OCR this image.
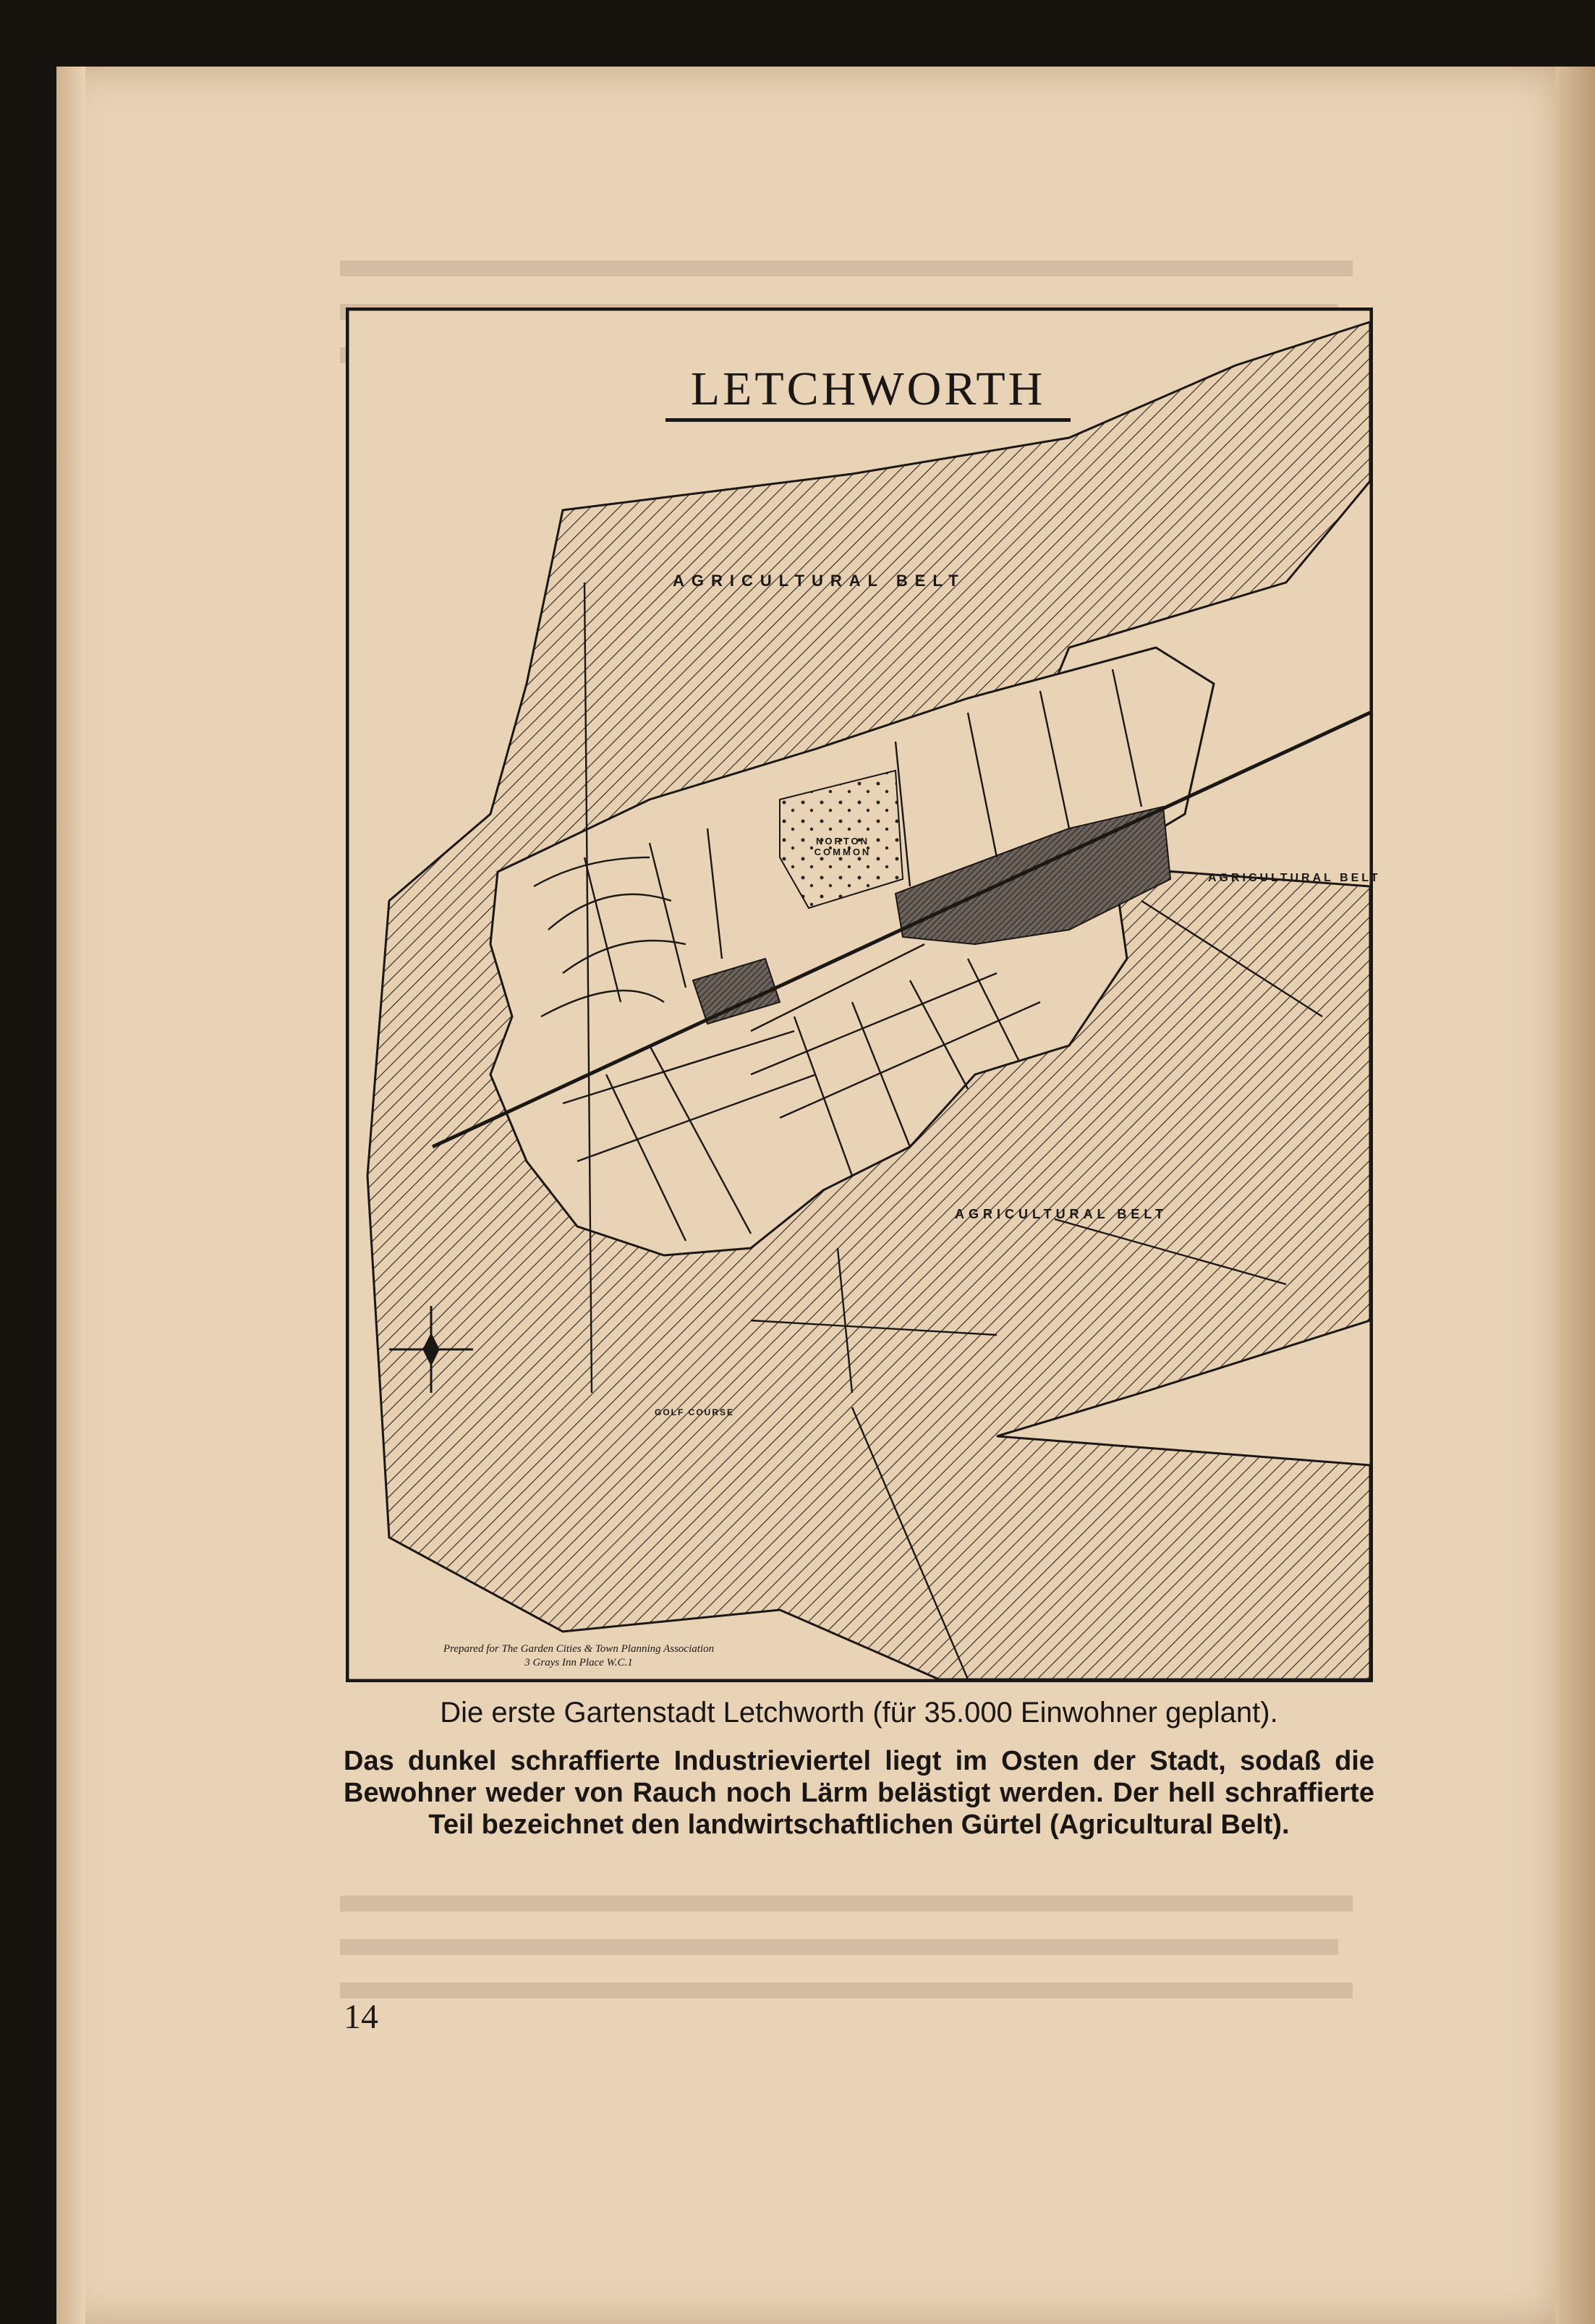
LETCHWORTH
AGRICULTURAL BELT
AGRICULTURAL BELT
AGRICULTURAL BELT
NORTON COMMON
GOLF COURSE
Prepared for The Garden Cities & Town Planning Association
3 Grays Inn Place W.C.1

Die erste Gartenstadt Letchworth (für 35.000 Einwohner geplant).

Das dunkel schraffierte Industrieviertel liegt im Osten der Stadt, sodaß die Bewohner weder von Rauch noch Lärm belästigt werden. Der hell schraffierte Teil bezeichnet den landwirtschaftlichen Gürtel (Agricultural Belt).

14
